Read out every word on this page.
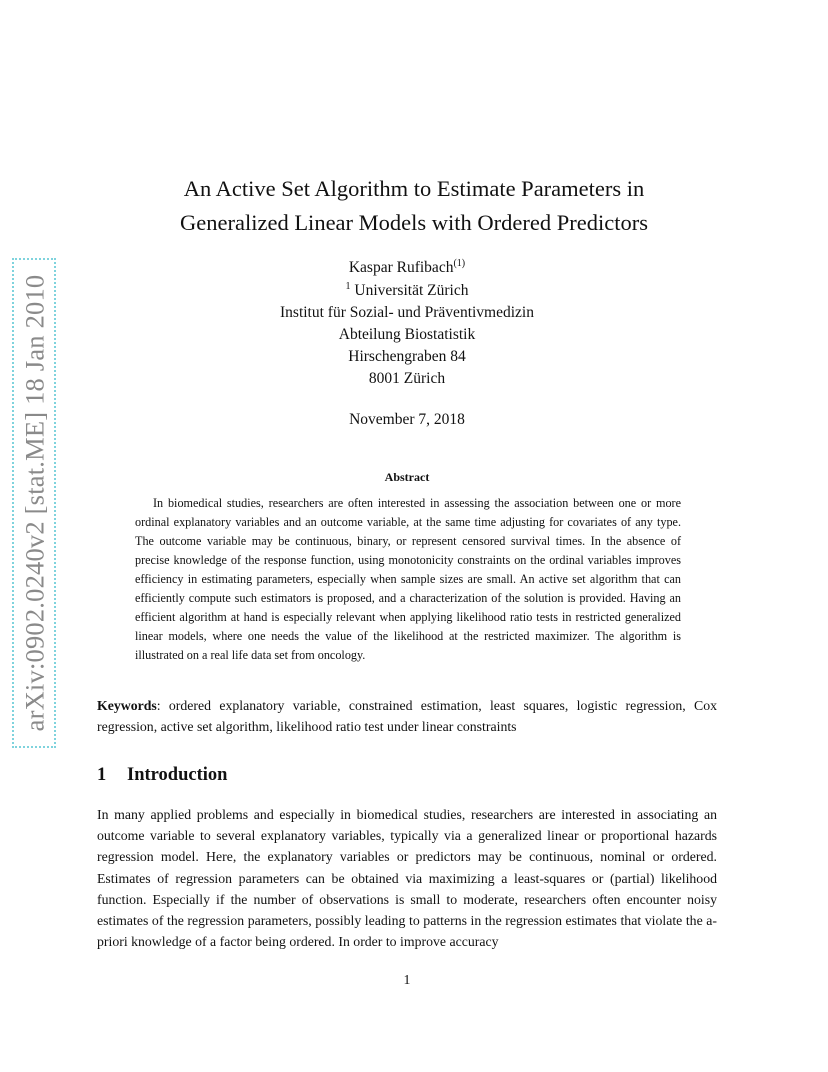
arXiv:0902.0240v2 [stat.ME] 18 Jan 2010
An Active Set Algorithm to Estimate Parameters in
Generalized Linear Models with Ordered Predictors
Kaspar Rufibach$^{(1)}$
$^1$ Universität Zürich
Institut für Sozial- und Präventivmedizin
Abteilung Biostatistik
Hirschengraben 84
8001 Zürich
November 7, 2018
Abstract

In biomedical studies, researchers are often interested in assessing the association between one or more ordinal explanatory variables and an outcome variable, at the same time adjusting for covariates of any type. The outcome variable may be continuous, binary, or represent censored survival times. In the absence of precise knowledge of the response function, using monotonicity constraints on the ordinal variables improves efficiency in estimating parameters, especially when sample sizes are small. An active set algorithm that can efficiently compute such estimators is proposed, and a characterization of the solution is provided. Having an efficient algorithm at hand is especially relevant when applying likelihood ratio tests in restricted generalized linear models, where one needs the value of the likelihood at the restricted maximizer. The algorithm is illustrated on a real life data set from oncology.

Keywords: ordered explanatory variable, constrained estimation, least squares, logistic regression, Cox regression, active set algorithm, likelihood ratio test under linear constraints

1 Introduction

In many applied problems and especially in biomedical studies, researchers are interested in associating an outcome variable to several explanatory variables, typically via a generalized linear or proportional hazards regression model. Here, the explanatory variables or predictors may be continuous, nominal or ordered. Estimates of regression parameters can be obtained via maximizing a least-squares or (partial) likelihood function. Especially if the number of observations is small to moderate, researchers often encounter noisy estimates of the regression parameters, possibly leading to patterns in the regression estimates that violate the a-priori knowledge of a factor being ordered. In order to improve accuracy

1
